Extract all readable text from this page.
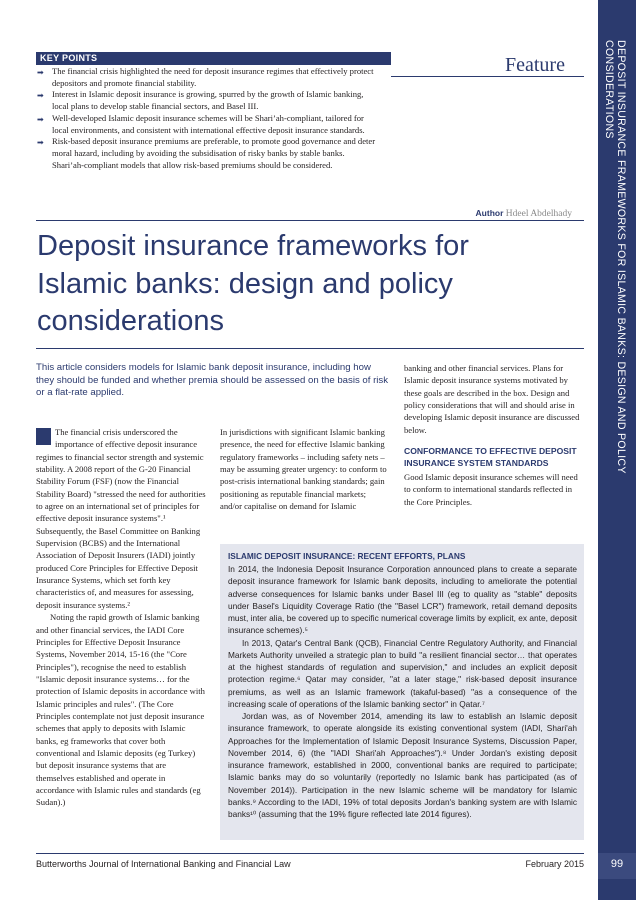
DEPOSIT INSURANCE FRAMEWORKS FOR ISLAMIC BANKS: DESIGN AND POLICY CONSIDERATIONS
99
KEY POINTS	Feature
➡ The financial crisis highlighted the need for deposit insurance regimes that effectively protect depositors and promote financial stability.
➡ Interest in Islamic deposit insurance is growing, spurred by the growth of Islamic banking, local plans to develop stable financial sectors, and Basel III.
➡ Well-developed Islamic deposit insurance schemes will be Shari’ah-compliant, tailored for local environments, and consistent with international effective deposit insurance standards.
➡ Risk-based deposit insurance premiums are preferable, to promote good governance and deter moral hazard, including by avoiding the subsidisation of risky banks by stable banks. Shari’ah-compliant models that allow risk-based premiums should be considered.
Author Hdeel Abdelhady
Deposit insurance frameworks for Islamic banks: design and policy considerations
This article considers models for Islamic bank deposit insurance, including how they should be funded and whether premia should be assessed on the basis of risk or a flat-rate applied.

The financial crisis underscored the importance of effective deposit insurance regimes to financial sector strength and systemic stability. A 2008 report of the G-20 Financial Stability Forum (FSF) (now the Financial Stability Board) "stressed the need for authorities to agree on an international set of principles for effective deposit insurance systems".¹ Subsequently, the Basel Committee on Banking Supervision (BCBS) and the International Association of Deposit Insurers (IADI) jointly produced Core Principles for Effective Deposit Insurance Systems, which set forth key characteristics of, and measures for assessing, deposit insurance systems.²

Noting the rapid growth of Islamic banking and other financial services, the IADI Core Principles for Effective Deposit Insurance Systems, November 2014, 15-16 (the "Core Principles"), recognise the need to establish "Islamic deposit insurance systems… for the protection of Islamic deposits in accordance with Islamic principles and rules". (The Core Principles contemplate not just deposit insurance schemes that apply to deposits with Islamic banks, eg frameworks that cover both conventional and Islamic deposits (eg Turkey) but deposit insurance systems that are themselves established and operate in accordance with Islamic rules and standards (eg Sudan).)

In jurisdictions with significant Islamic banking presence, the need for effective Islamic banking regulatory frameworks – including safety nets – may be assuming greater urgency: to conform to post-crisis international banking standards; gain positioning as reputable financial markets; and/or capitalise on demand for Islamic

banking and other financial services. Plans for Islamic deposit insurance systems motivated by these goals are described in the box. Design and policy considerations that will and should arise in developing Islamic deposit insurance are discussed below.

CONFORMANCE TO EFFECTIVE DEPOSIT INSURANCE SYSTEM STANDARDS
Good Islamic deposit insurance schemes will need to conform to international standards reflected in the Core Principles.
ISLAMIC DEPOSIT INSURANCE: RECENT EFFORTS, PLANS

In 2014, the Indonesia Deposit Insurance Corporation announced plans to create a separate deposit insurance framework for Islamic bank deposits, including to ameliorate the potential adverse consequences for Islamic banks under Basel III (eg to quality as "stable" deposits under Basel's Liquidity Coverage Ratio (the "Basel LCR") framework, retail demand deposits must, inter alia, be covered up to specific numerical coverage limits by explicit, ex ante, deposit insurance schemes).⁵

In 2013, Qatar's Central Bank (QCB), Financial Centre Regulatory Authority, and Financial Markets Authority unveiled a strategic plan to build "a resilient financial sector… that operates at the highest standards of regulation and supervision," and includes an explicit deposit protection regime.⁶ Qatar may consider, "at a later stage," risk-based deposit insurance premiums, as well as an Islamic framework (takaful-based) "as a consequence of the increasing scale of operations of the Islamic banking sector" in Qatar.⁷

Jordan was, as of November 2014, amending its law to establish an Islamic deposit insurance framework, to operate alongside its existing conventional system (IADI, Shari'ah Approaches for the Implementation of Islamic Deposit Insurance Systems, Discussion Paper, November 2014, 6) (the "IADI Shari'ah Approaches").⁸ Under Jordan's existing deposit insurance framework, established in 2000, conventional banks are required to participate; Islamic banks may do so voluntarily (reportedly no Islamic bank has participated (as of November 2014)). Participation in the new Islamic scheme will be mandatory for Islamic banks.⁹ According to the IADI, 19% of total deposits Jordan's banking system are with Islamic banks¹⁰ (assuming that the 19% figure reflected late 2014 figures).

Butterworths Journal of International Banking and Financial Law	February 2015
